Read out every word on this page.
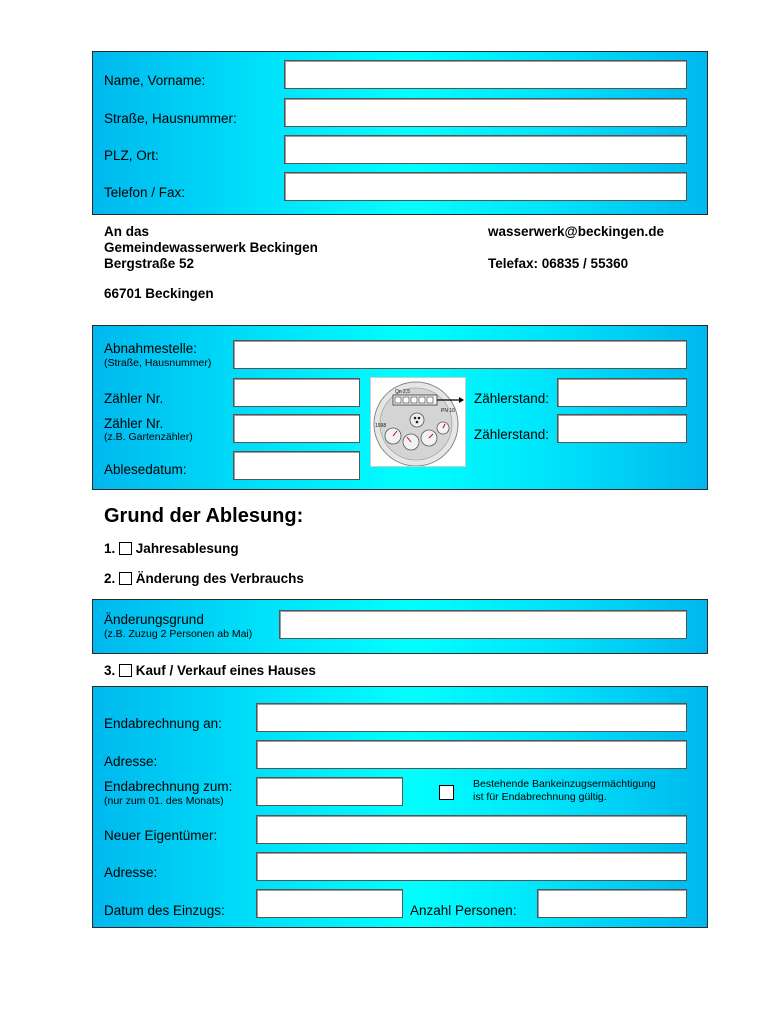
Name, Vorname:
Straße, Hausnummer:
PLZ, Ort:
Telefon / Fax:
An das
Gemeindewasserwerk Beckingen
Bergstraße 52
66701 Beckingen
wasserwerk@beckingen.de
Telefax: 06835 / 55360
Abnahmestelle:
(Straße, Hausnummer)
Zähler Nr.
Zähler Nr.
(z.B. Gartenzähler)
Zählerstand:
Zählerstand:
Ablesedatum:
Qn 2,5
PN 16
1998
Grund der Ablesung:
1. Jahresablesung
2. Änderung des Verbrauchs
Änderungsgrund
(z.B. Zuzug 2 Personen ab Mai)
3. Kauf / Verkauf eines Hauses
Endabrechnung an:
Adresse:
Endabrechnung zum:
(nur zum 01. des Monats)
Bestehende Bankeinzugsermächtigung
ist für Endabrechnung gültig.
Neuer Eigentümer:
Adresse:
Datum des Einzugs:	Anzahl Personen:
